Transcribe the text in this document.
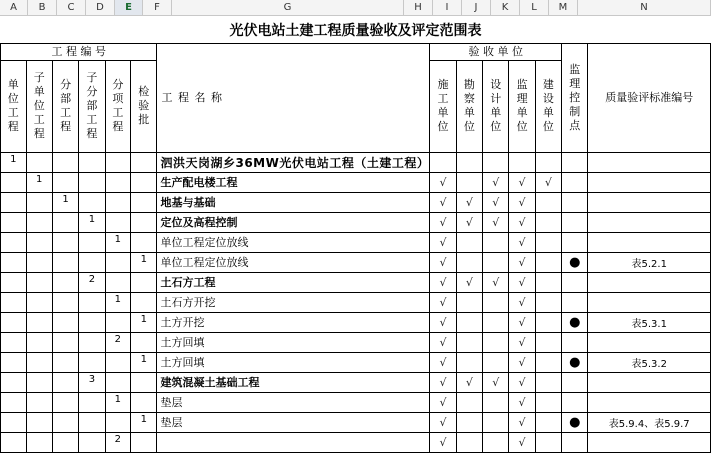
A	B	C	D	E	F	G	H	I	J	K	L	M	N
光伏电站土建工程质量验收及评定范围表													
工 程 编 号						工 程 名 称	验 收 单 位					监理控制点	质量验评标准编号
单位工程	子单位工程	分部工程	子分部工程	分项工程	检验批		施工单位	勘察单位	设计单位	监理单位	建设单位		
1						泗洪天岗湖乡36MW光伏电站工程（土建工程）							
	1					生产配电楼工程	√		√	√	√		
		1				地基与基础	√	√	√	√			
			1			定位及高程控制	√	√	√	√			
				1		单位工程定位放线	√			√			
					1	单位工程定位放线	√			√		●	表5.2.1
			2			土石方工程	√	√	√	√			
				1		土石方开挖	√			√			
					1	土方开挖	√			√		●	表5.3.1
				2		土方回填	√			√			
					1	土方回填	√			√		●	表5.3.2
			3			建筑混凝土基础工程	√	√	√	√			
				1		垫层	√			√			
					1	垫层	√			√		●	表5.9.4、表5.9.7
				2			√			√			
